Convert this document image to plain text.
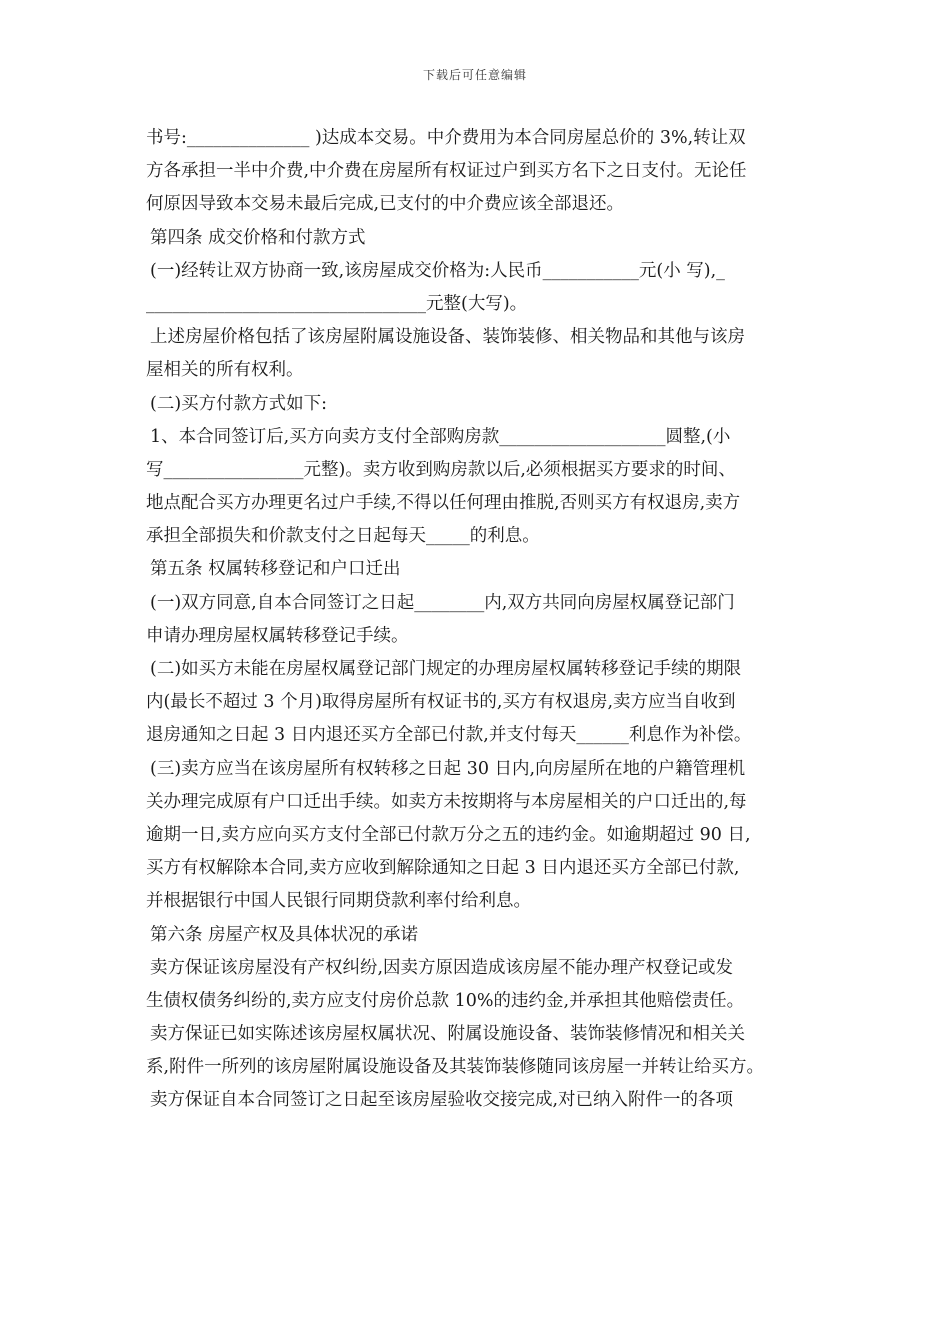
下载后可任意编辑
书号:______________ )达成本交易。中介费用为本合同房屋总价的 3%,转让双
方各承担一半中介费,中介费在房屋所有权证过户到买方名下之日支付。无论任
何原因导致本交易未最后完成,已支付的中介费应该全部退还。
第四条 成交价格和付款方式
(一)经转让双方协商一致,该房屋成交价格为:人民币___________元(小 写),_
________________________________元整(大写)。
上述房屋价格包括了该房屋附属设施设备、装饰装修、相关物品和其他与该房
屋相关的所有权利。
(二)买方付款方式如下:
1、本合同签订后,买方向卖方支付全部购房款___________________圆整,(小
写________________元整)。卖方收到购房款以后,必须根据买方要求的时间、
地点配合买方办理更名过户手续,不得以任何理由推脱,否则买方有权退房,卖方
承担全部损失和价款支付之日起每天_____的利息。
第五条 权属转移登记和户口迁出
(一)双方同意,自本合同签订之日起________内,双方共同向房屋权属登记部门
申请办理房屋权属转移登记手续。
(二)如买方未能在房屋权属登记部门规定的办理房屋权属转移登记手续的期限
内(最长不超过 3 个月)取得房屋所有权证书的,买方有权退房,卖方应当自收到
退房通知之日起 3 日内退还买方全部已付款,并支付每天______利息作为补偿。
(三)卖方应当在该房屋所有权转移之日起 30 日内,向房屋所在地的户籍管理机
关办理完成原有户口迁出手续。如卖方未按期将与本房屋相关的户口迁出的,每
逾期一日,卖方应向买方支付全部已付款万分之五的违约金。如逾期超过 90 日,
买方有权解除本合同,卖方应收到解除通知之日起 3 日内退还买方全部已付款,
并根据银行中国人民银行同期贷款利率付给利息。
第六条 房屋产权及具体状况的承诺
卖方保证该房屋没有产权纠纷,因卖方原因造成该房屋不能办理产权登记或发
生债权债务纠纷的,卖方应支付房价总款 10%的违约金,并承担其他赔偿责任。
卖方保证已如实陈述该房屋权属状况、附属设施设备、装饰装修情况和相关关
系,附件一所列的该房屋附属设施设备及其装饰装修随同该房屋一并转让给买方。
卖方保证自本合同签订之日起至该房屋验收交接完成,对已纳入附件一的各项
